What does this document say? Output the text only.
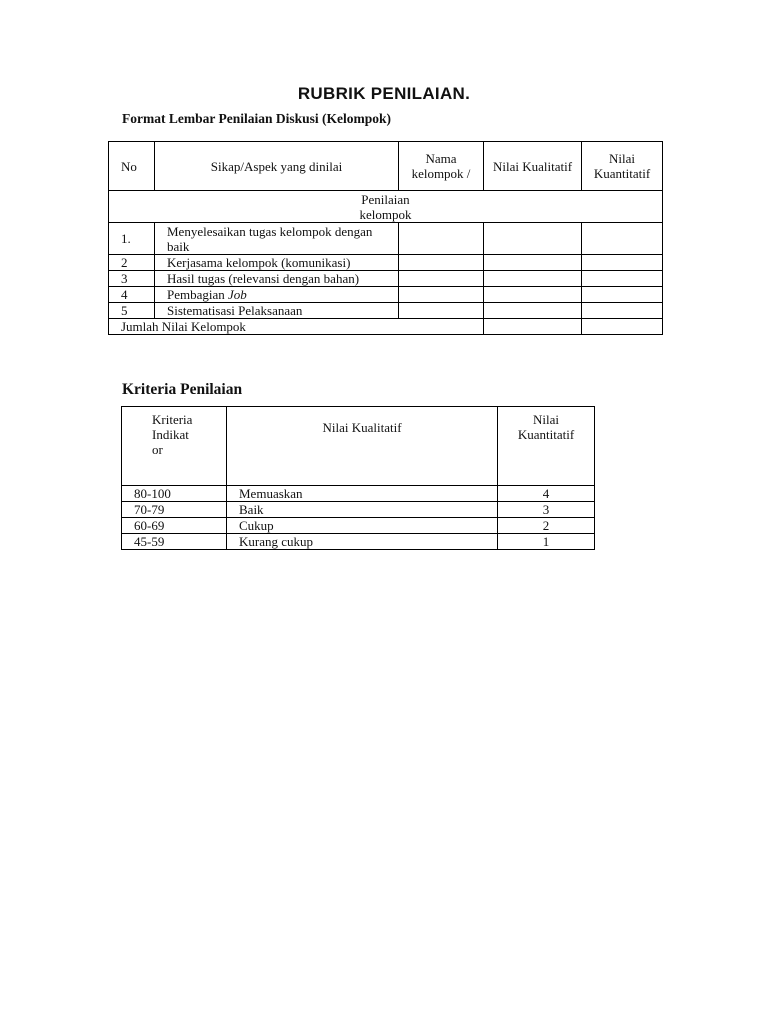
RUBRIK PENILAIAN.
Format Lembar Penilaian Diskusi (Kelompok)
No	Sikap/Aspek yang dinilai	Nama kelompok /	Nilai Kualitatif	Nilai Kuantitatif

Penilaian kelompok				

1.	Menyelesaikan tugas kelompok dengan baik			
2	Kerjasama kelompok (komunikasi)			
3	Hasil tugas (relevansi dengan bahan)			
4	Pembagian Job			
5	Sistematisasi Pelaksanaan			
Jumlah Nilai Kelompok				
Kriteria Penilaian
Kriteria Indikator	Nilai Kualitatif	Nilai Kuantitatif

80-100	Memuaskan	4
70-79	Baik	3
60-69	Cukup	2
45-59	Kurang cukup	1
